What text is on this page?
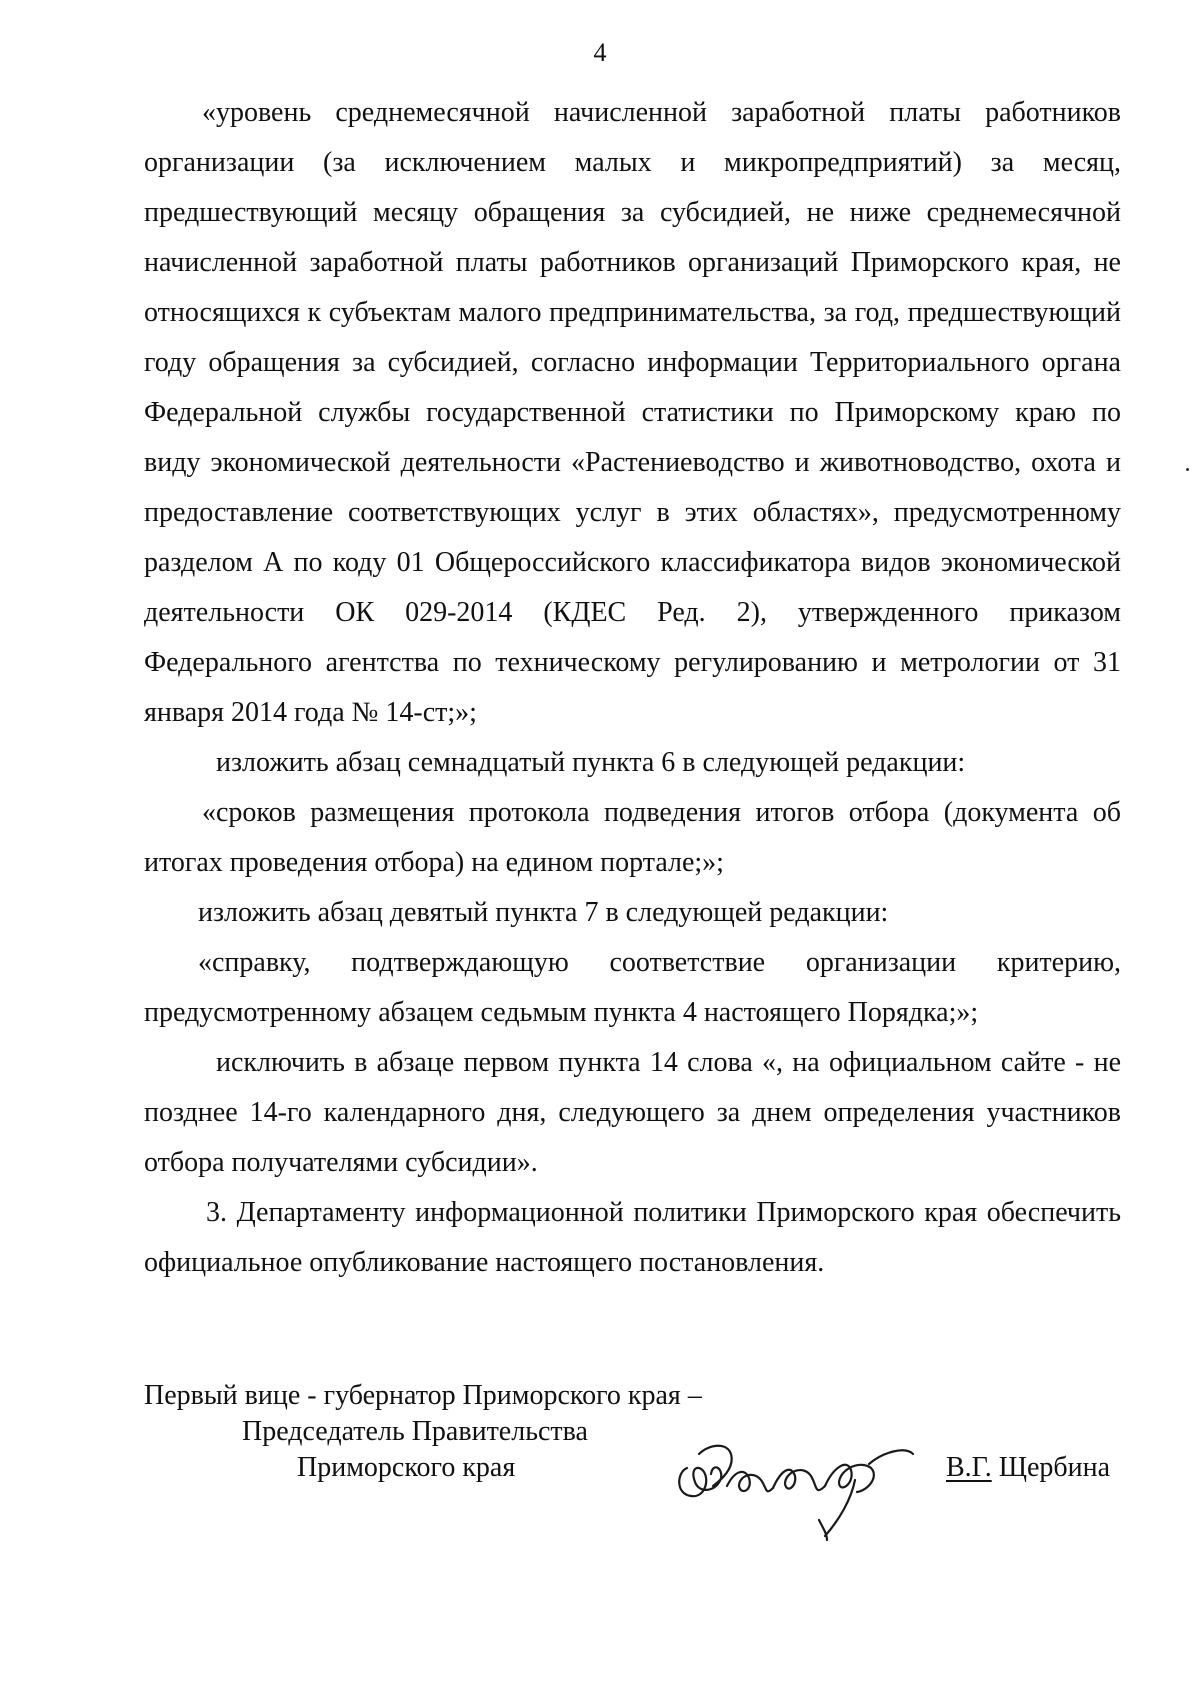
4

«уровень среднемесячной начисленной заработной платы работников организации (за исключением малых и микропредприятий) за месяц, предшествующий месяцу обращения за субсидией, не ниже среднемесячной начисленной заработной платы работников организаций Приморского края, не относящихся к субъектам малого предпринимательства, за год, предшествующий году обращения за субсидией, согласно информации Территориального органа Федеральной службы государственной статистики по Приморскому краю по виду экономической деятельности «Растениеводство и животноводство, охота и предоставление соответствующих услуг в этих областях», предусмотренному разделом А по коду 01 Общероссийского классификатора видов экономической деятельности ОК 029-2014 (КДЕС Ред. 2), утвержденного приказом Федерального агентства по техническому регулированию и метрологии от 31 января 2014 года № 14-ст;»;

изложить абзац семнадцатый пункта 6 в следующей редакции:

«сроков размещения протокола подведения итогов отбора (документа об итогах проведения отбора) на едином портале;»;

изложить абзац девятый пункта 7 в следующей редакции:

«справку, подтверждающую соответствие организации критерию, предусмотренному абзацем седьмым пункта 4 настоящего Порядка;»;

исключить в абзаце первом пункта 14 слова «, на официальном сайте - не позднее 14-го календарного дня, следующего за днем определения участников отбора получателями субсидии».

3. Департаменту информационной политики Приморского края обеспечить официальное опубликование настоящего постановления.

Первый вице - губернатор Приморского края –
Председатель Правительства
Приморского края	В.Г. Щербина
